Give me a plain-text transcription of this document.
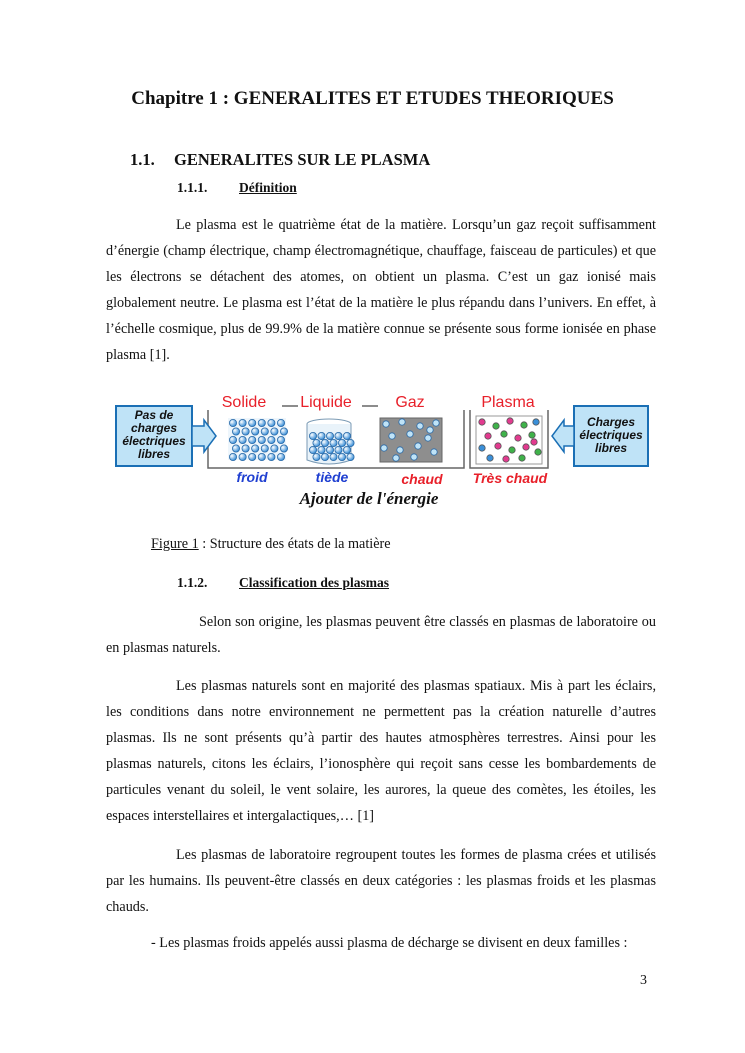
Chapitre 1 : GENERALITES ET ETUDES THEORIQUES
1.1. GENERALITES SUR LE PLASMA
1.1.1. Définition

Le plasma est le quatrième état de la matière. Lorsqu’un gaz reçoit suffisamment d’énergie (champ électrique, champ électromagnétique, chauffage, faisceau de particules) et que les électrons se détachent des atomes, on obtient un plasma. C’est un gaz ionisé mais globalement neutre. Le plasma est l’état de la matière le plus répandu dans l’univers. En effet, à l’échelle cosmique, plus de 99.9% de la matière connue se présente sous forme ionisée en phase plasma [1].

Pas de
charges
électriques
libres
Charges
électriques
libres
Solide Liquide	Gaz	Plasma
froid	tiède	chaud Très chaud
Ajouter de l'énergie
Figure 1 : Structure des états de la matière
1.1.2. Classification des plasmas

Selon son origine, les plasmas peuvent être classés en plasmas de laboratoire ou en plasmas naturels.

Les plasmas naturels sont en majorité des plasmas spatiaux. Mis à part les éclairs, les conditions dans notre environnement ne permettent pas la création naturelle d’autres plasmas. Ils ne sont présents qu’à partir des hautes atmosphères terrestres. Ainsi pour les plasmas naturels, citons les éclairs, l’ionosphère qui reçoit sans cesse les bombardements de particules venant du soleil, le vent solaire, les aurores, la queue des comètes, les étoiles, les espaces interstellaires et intergalactiques,… [1]

Les plasmas de laboratoire regroupent toutes les formes de plasma crées et utilisés par les humains. Ils peuvent-être classés en deux catégories : les plasmas froids et les plasmas chauds.

- Les plasmas froids appelés aussi plasma de décharge se divisent en deux familles :
3
